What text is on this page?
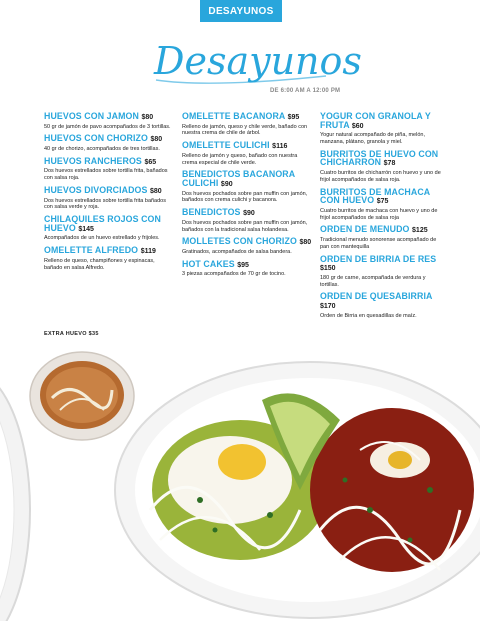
DESAYUNOS
Desayunos
DE 6:00 AM A 12:00 PM
HUEVOS CON JAMON $80
50 gr de jamón de pavo acompañados de 3 tortillas.
HUEVOS CON CHORIZO $80
40 gr de chorizo, acompañados de tres tortillas.
HUEVOS RANCHEROS $65
Dos huevos estrellados sobre tortilla frita, bañados con salsa roja.
HUEVOS DIVORCIADOS $80
Dos huevos estrellados sobre tortilla frita bañados con salsa verde y roja.
CHILAQUILES ROJOS CON HUEVO $145
Acompañados de un huevo estrellado y frijoles.
OMELETTE ALFREDO $119
Relleno de queso, champiñones y espinacas, bañado en salsa Alfredo.
OMELETTE BACANORA $95
Relleno de jamón, queso y chile verde, bañado con nuestra crema de chile de árbol.
OMELETTE CULICHI $116
Relleno de jamón y queso, bañado con nuestra crema especial de chile verde.
BENEDICTOS BACANORA CULICHI $90
Dos huevos pochados sobre pan muffin con jamón, bañados con crema culichi y bacanora.
BENEDICTOS $90
Dos huevos pochados sobre pan muffin con jamón, bañados con la tradicional salsa holandesa.
MOLLETES CON CHORIZO $80
Gratinados, acompañados de salsa bandera.
HOT CAKES $95
3 piezas acompañados de 70 gr de tocino.
YOGUR CON GRANOLA Y FRUTA $60
Yogur natural acompañado de piña, melón, manzana, plátano, granola y miel.
BURRITOS DE HUEVO CON CHICHARRON $78
Cuatro burritos de chicharrón con huevo y uno de frijol acompañados de salsa roja.
BURRITOS DE MACHACA CON HUEVO $75
Cuatro burritos de machaca con huevo y uno de frijol acompañados de salsa roja
ORDEN DE MENUDO $125
Tradicional menudo sonorense acompañado de pan con mantequilla
ORDEN DE BIRRIA DE RES $150
180 gr de carne, acompañada de verdura y tortillas.
ORDEN DE QUESABIRRIA $170
Orden de Birria en quesadillas de maíz.
EXTRA HUEVO $35
